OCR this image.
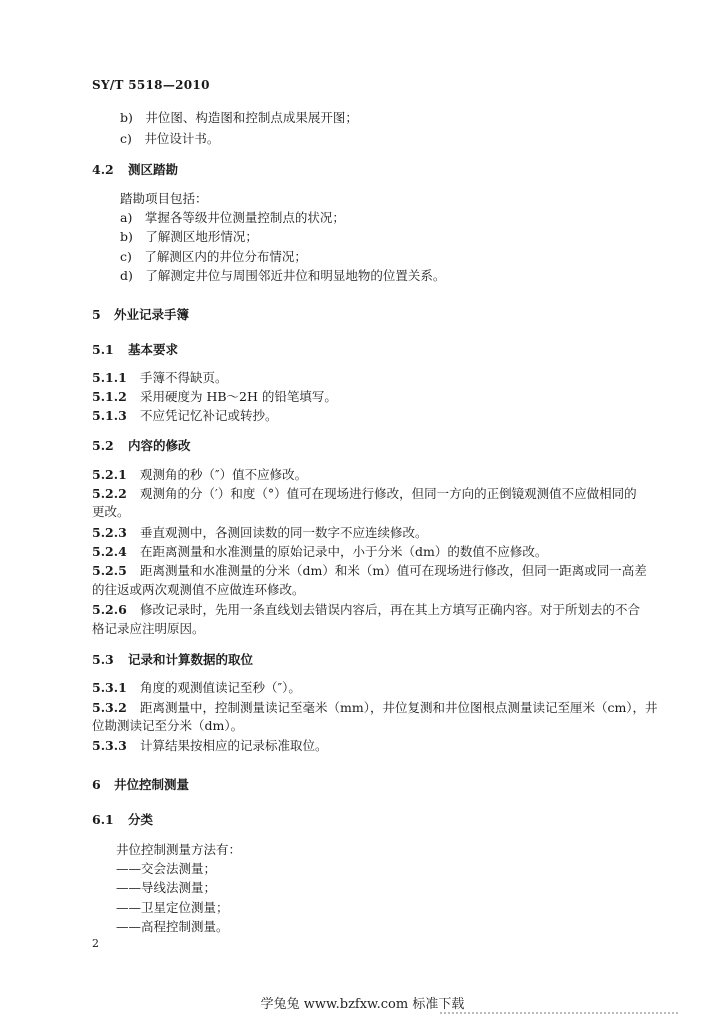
SY/T 5518—2010
b)　井位图、构造图和控制点成果展开图；
c)　井位设计书。
4.2 测区踏勘
踏勘项目包括：
a)　掌握各等级井位测量控制点的状况；
b)　了解测区地形情况；
c)　了解测区内的井位分布情况；
d)　了解测定井位与周围邻近井位和明显地物的位置关系。
5 外业记录手簿
5.1 基本要求
5.1.1 手簿不得缺页。
5.1.2 采用硬度为 HB～2H 的铅笔填写。
5.1.3 不应凭记忆补记或转抄。
5.2 内容的修改
5.2.1 观测角的秒（″）值不应修改。
5.2.2 观测角的分（′）和度（°）值可在现场进行修改，但同一方向的正倒镜观测值不应做相同的
更改。
5.2.3 垂直观测中，各测回读数的同一数字不应连续修改。
5.2.4 在距离测量和水准测量的原始记录中，小于分米（dm）的数值不应修改。
5.2.5 距离测量和水准测量的分米（dm）和米（m）值可在现场进行修改，但同一距离或同一高差
的往返或两次观测值不应做连环修改。
5.2.6 修改记录时，先用一条直线划去错误内容后，再在其上方填写正确内容。对于所划去的不合
格记录应注明原因。
5.3 记录和计算数据的取位
5.3.1 角度的观测值读记至秒（″）。
5.3.2 距离测量中，控制测量读记至毫米（mm），井位复测和井位图根点测量读记至厘米（cm），井
位勘测读记至分米（dm）。
5.3.3 计算结果按相应的记录标准取位。
6 井位控制测量
6.1 分类
井位控制测量方法有：
——交会法测量；
——导线法测量；
——卫星定位测量；
——高程控制测量。
2
学兔兔 www.bzfxw.com 标准下载
